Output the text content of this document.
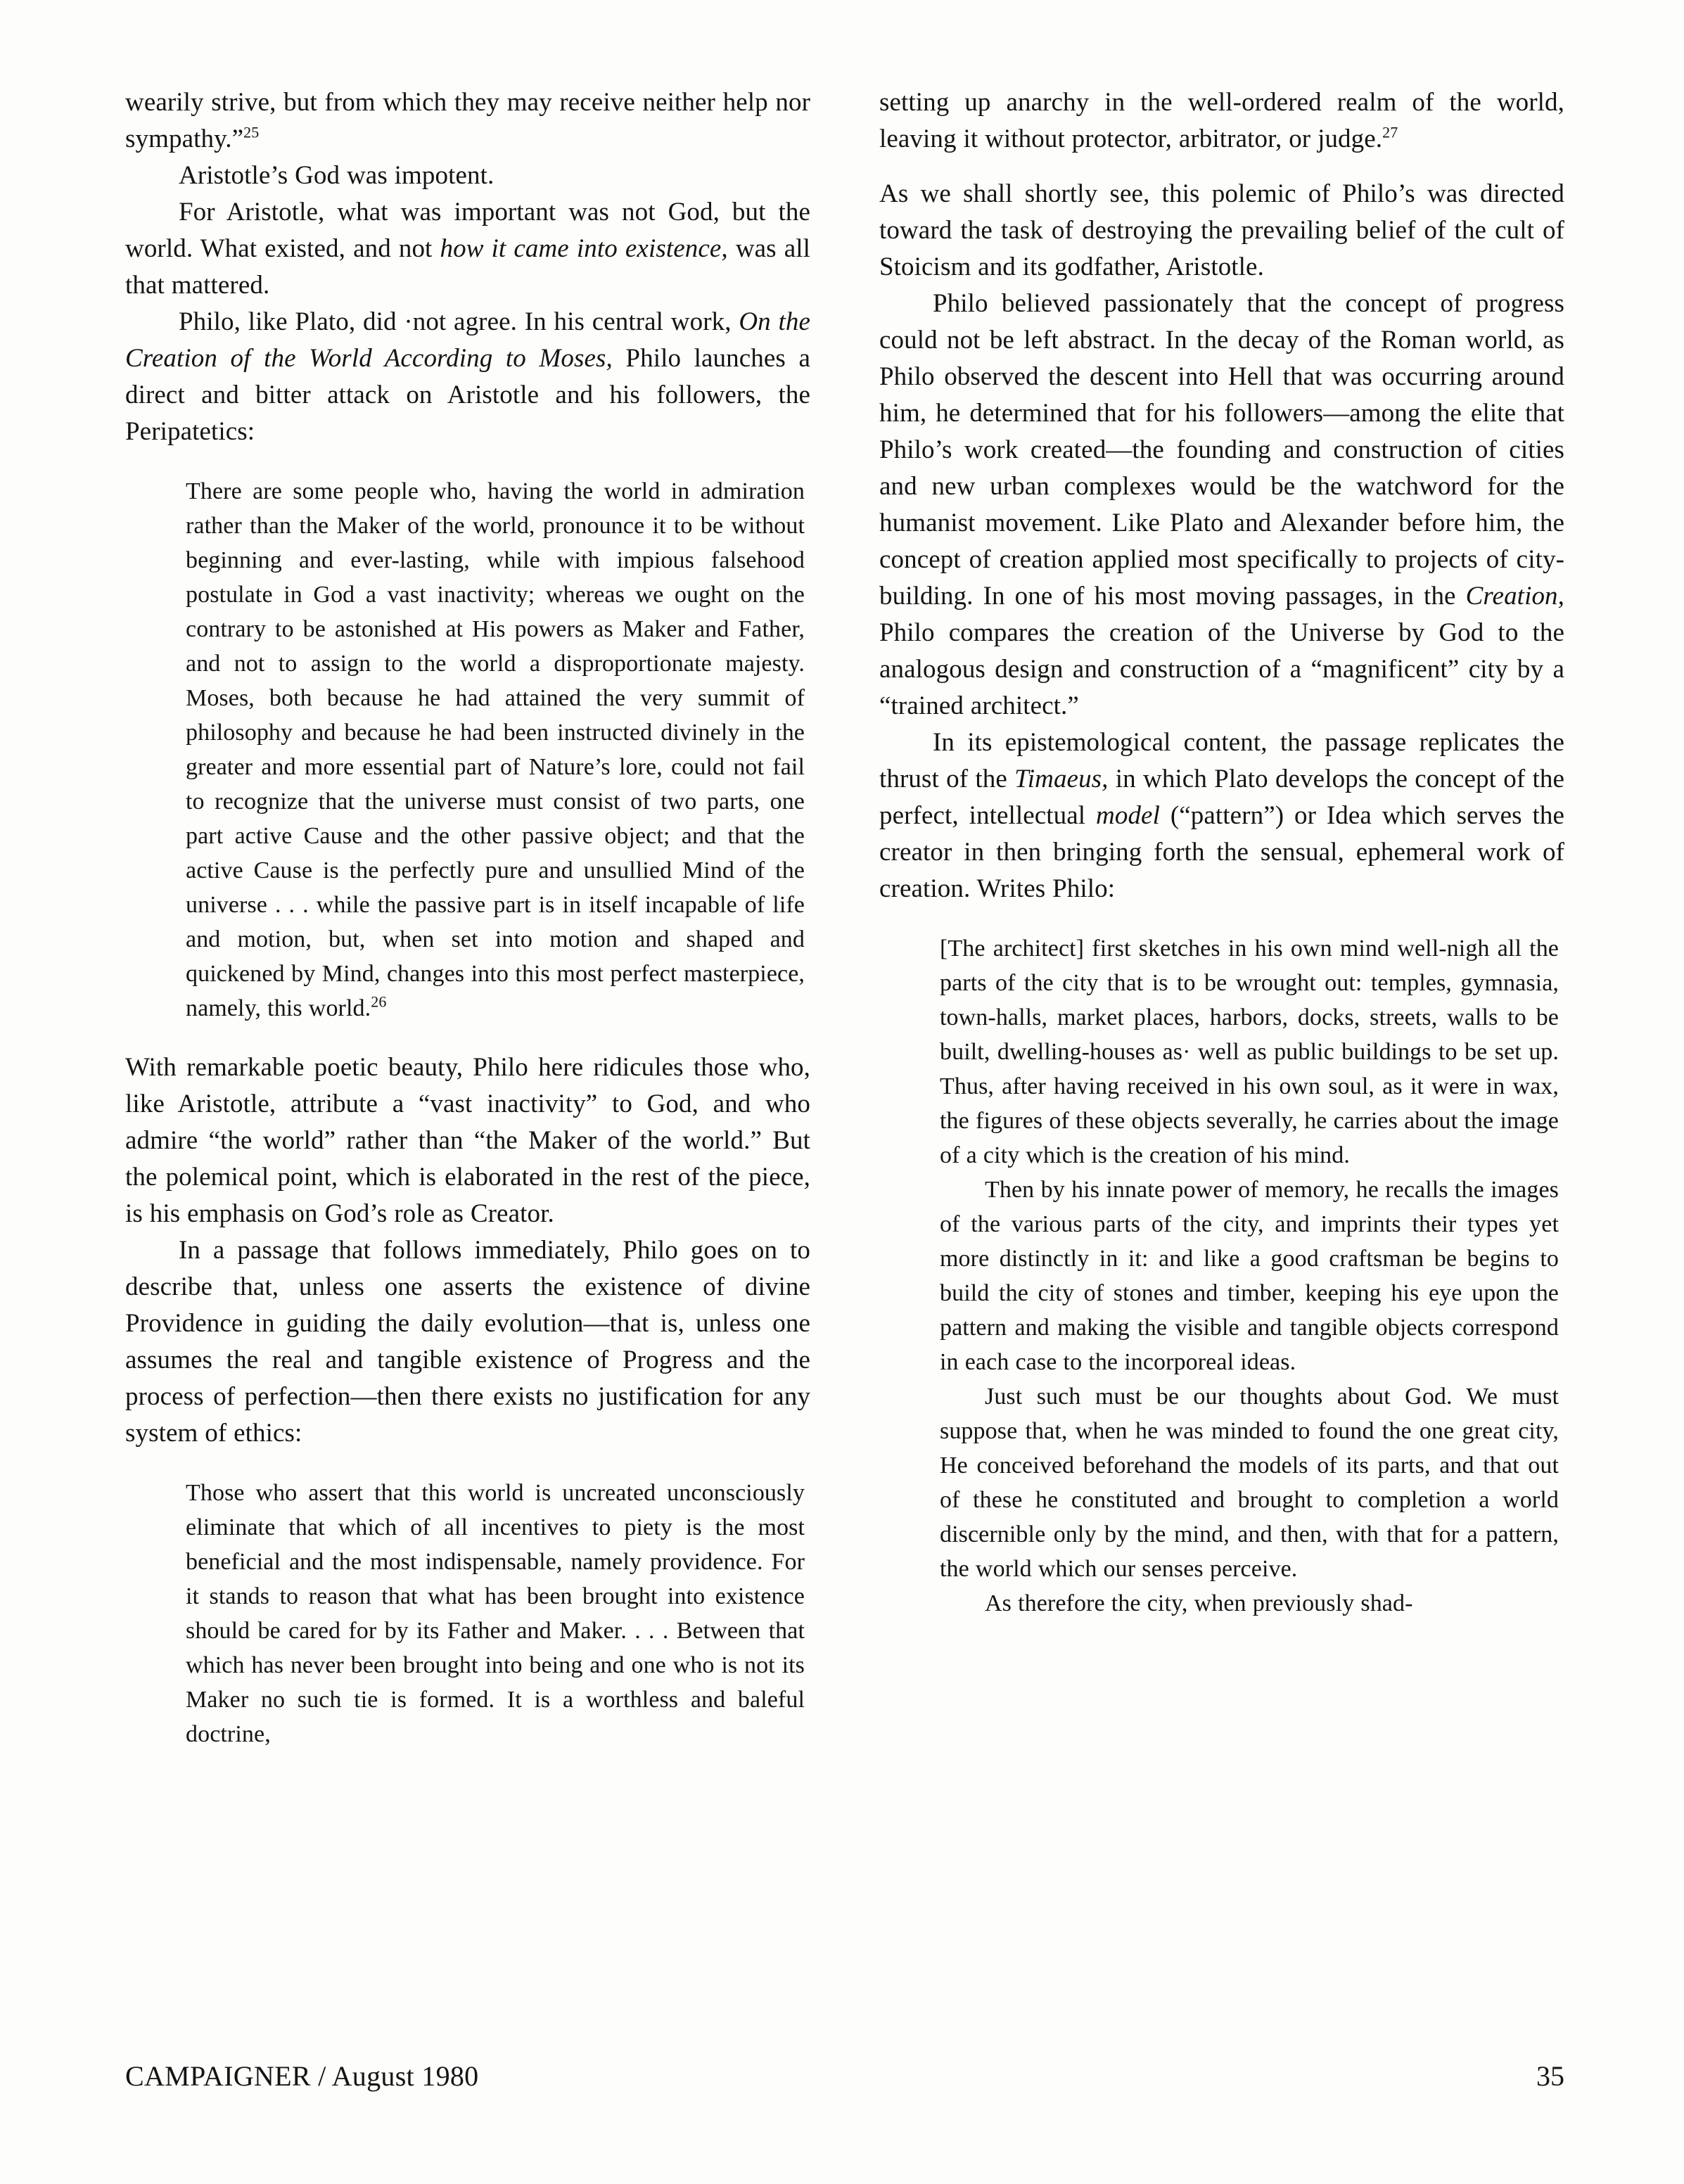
wearily strive, but from which they may receive neither help nor sympathy.”$^{25}$

Aristotle’s God was impotent.

For Aristotle, what was important was not God, but the world. What existed, and not how it came into existence, was all that mattered.

Philo, like Plato, did ·not agree. In his central work, On the Creation of the World According to Moses, Philo launches a direct and bitter attack on Aristotle and his followers, the Peripatetics:

There are some people who, having the world in admiration rather than the Maker of the world, pronounce it to be without beginning and ever-lasting, while with impious falsehood postulate in God a vast inactivity; whereas we ought on the contrary to be astonished at His powers as Maker and Father, and not to assign to the world a disproportionate majesty. Moses, both because he had attained the very summit of philosophy and because he had been instructed divinely in the greater and more essential part of Nature’s lore, could not fail to recognize that the universe must consist of two parts, one part active Cause and the other passive object; and that the active Cause is the perfectly pure and unsullied Mind of the universe . . . while the passive part is in itself incapable of life and motion, but, when set into motion and shaped and quickened by Mind, changes into this most perfect masterpiece, namely, this world.$^{26}$

With remarkable poetic beauty, Philo here ridicules those who, like Aristotle, attribute a “vast inactivity” to God, and who admire “the world” rather than “the Maker of the world.” But the polemical point, which is elaborated in the rest of the piece, is his emphasis on God’s role as Creator.

In a passage that follows immediately, Philo goes on to describe that, unless one asserts the existence of divine Providence in guiding the daily evolution—that is, unless one assumes the real and tangible existence of Progress and the process of perfection—then there exists no justification for any system of ethics:

Those who assert that this world is uncreated unconsciously eliminate that which of all incentives to piety is the most beneficial and the most indispensable, namely providence. For it stands to reason that what has been brought into existence should be cared for by its Father and Maker. . . . Between that which has never been brought into being and one who is not its Maker no such tie is formed. It is a worthless and baleful doctrine,

setting up anarchy in the well-ordered realm of the world, leaving it without protector, arbitrator, or judge.$^{27}$

As we shall shortly see, this polemic of Philo’s was directed toward the task of destroying the prevailing belief of the cult of Stoicism and its godfather, Aristotle.

Philo believed passionately that the concept of progress could not be left abstract. In the decay of the Roman world, as Philo observed the descent into Hell that was occurring around him, he determined that for his followers—among the elite that Philo’s work created—the founding and construction of cities and new urban complexes would be the watchword for the humanist movement. Like Plato and Alexander before him, the concept of creation applied most specifically to projects of city-building. In one of his most moving passages, in the Creation, Philo compares the creation of the Universe by God to the analogous design and construction of a “magnificent” city by a “trained architect.”

In its epistemological content, the passage replicates the thrust of the Timaeus, in which Plato develops the concept of the perfect, intellectual model (“pattern”) or Idea which serves the creator in then bringing forth the sensual, ephemeral work of creation. Writes Philo:

[The architect] first sketches in his own mind well-nigh all the parts of the city that is to be wrought out: temples, gymnasia, town-halls, market places, harbors, docks, streets, walls to be built, dwelling-houses as· well as public buildings to be set up. Thus, after having received in his own soul, as it were in wax, the figures of these objects severally, he carries about the image of a city which is the creation of his mind.

Then by his innate power of memory, he recalls the images of the various parts of the city, and imprints their types yet more distinctly in it: and like a good craftsman be begins to build the city of stones and timber, keeping his eye upon the pattern and making the visible and tangible objects correspond in each case to the incorporeal ideas.

Just such must be our thoughts about God. We must suppose that, when he was minded to found the one great city, He conceived beforehand the models of its parts, and that out of these he constituted and brought to completion a world discernible only by the mind, and then, with that for a pattern, the world which our senses perceive.

As therefore the city, when previously shad-

CAMPAIGNER / August 1980	35
